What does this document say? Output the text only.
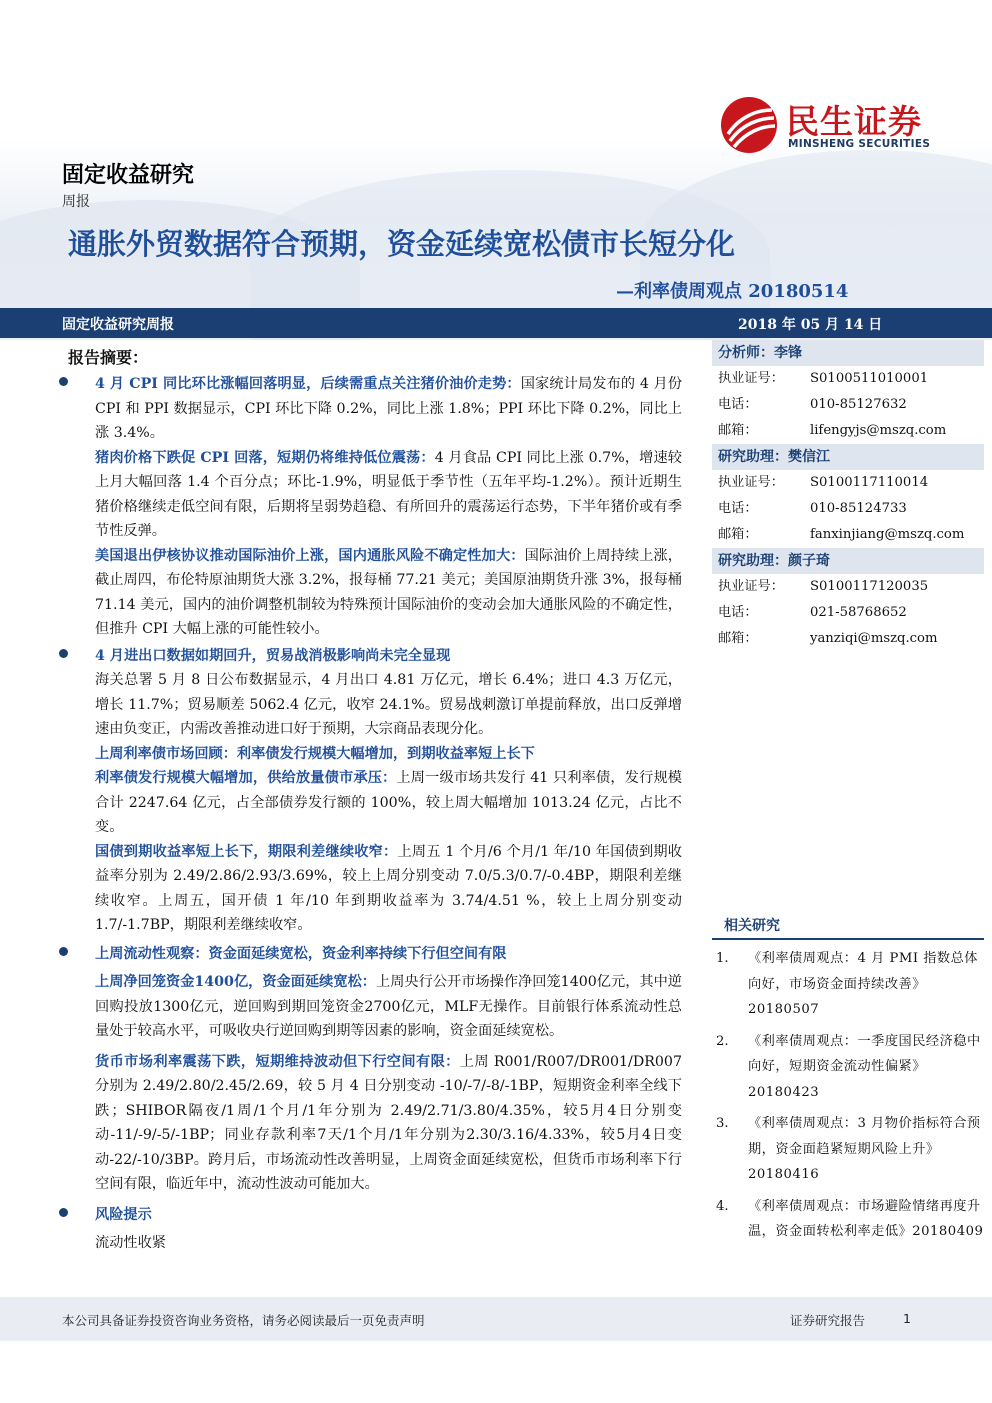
民生证券
MINSHENG SECURITIES
固定收益研究
周报
通胀外贸数据符合预期，资金延续宽松债市长短分化
—利率债周观点 20180514
固定收益研究周报	2018 年 05 月 14 日
报告摘要：

4 月 CPI 同比环比涨幅回落明显，后续需重点关注猪价油价走势：国家统计局发布的 4 月份 CPI 和 PPI 数据显示，CPI 环比下降 0.2%，同比上涨 1.8%；PPI 环比下降 0.2%，同比上涨 3.4%。

猪肉价格下跌促 CPI 回落，短期仍将维持低位震荡：4 月食品 CPI 同比上涨 0.7%，增速较上月大幅回落 1.4 个百分点；环比-1.9%，明显低于季节性（五年平均-1.2%）。预计近期生猪价格继续走低空间有限，后期将呈弱势趋稳、有所回升的震荡运行态势，下半年猪价或有季节性反弹。

美国退出伊核协议推动国际油价上涨，国内通胀风险不确定性加大：国际油价上周持续上涨，截止周四，布伦特原油期货大涨 3.2%，报每桶 77.21 美元；美国原油期货升涨 3%，报每桶 71.14 美元，国内的油价调整机制较为特殊预计国际油价的变动会加大通胀风险的不确定性，但推升 CPI 大幅上涨的可能性较小。

4 月进出口数据如期回升，贸易战消极影响尚未完全显现

海关总署 5 月 8 日公布数据显示，4 月出口 4.81 万亿元，增长 6.4%；进口 4.3 万亿元，增长 11.7%；贸易顺差 5062.4 亿元，收窄 24.1%。贸易战刺激订单提前释放，出口反弹增速由负变正，内需改善推动进口好于预期，大宗商品表现分化。

上周利率债市场回顾：利率债发行规模大幅增加，到期收益率短上长下

利率债发行规模大幅增加，供给放量债市承压：上周一级市场共发行 41 只利率债，发行规模合计 2247.64 亿元，占全部债券发行额的 100%，较上周大幅增加 1013.24 亿元，占比不变。

国债到期收益率短上长下，期限利差继续收窄：上周五 1 个月/6 个月/1 年/10 年国债到期收益率分别为 2.49/2.86/2.93/3.69%，较上上周分别变动 7.0/5.3/0.7/-0.4BP，期限利差继续收窄。上周五，国开债 1 年/10 年到期收益率为 3.74/4.51 %，较上上周分别变动 1.7/-1.7BP，期限利差继续收窄。

上周流动性观察：资金面延续宽松，资金利率持续下行但空间有限

上周净回笼资金1400亿，资金面延续宽松：上周央行公开市场操作净回笼1400亿元，其中逆回购投放1300亿元，逆回购到期回笼资金2700亿元，MLF无操作。目前银行体系流动性总量处于较高水平，可吸收央行逆回购到期等因素的影响，资金面延续宽松。

货币市场利率震荡下跌，短期维持波动但下行空间有限：上周 R001/R007/DR001/DR007 分别为 2.49/2.80/2.45/2.69，较 5 月 4 日分别变动 -10/-7/-8/-1BP，短期资金利率全线下跌；SHIBOR隔夜/1周/1个月/1年分别为 2.49/2.71/3.80/4.35%，较5月4日分别变动-11/-9/-5/-1BP；同业存款利率7天/1个月/1年分别为2.30/3.16/4.33%，较5月4日变动-22/-10/3BP。跨月后，市场流动性改善明显，上周资金面延续宽松，但货币市场利率下行空间有限，临近年中，流动性波动可能加大。

风险提示

流动性收紧

分析师：李锋
执业证号：	S0100511010001
电话：	010-85127632
邮箱：	lifengyjs@mszq.com
研究助理：樊信江
执业证号：	S0100117110014
电话：	010-85124733
邮箱：	fanxinjiang@mszq.com
研究助理：颜子琦
执业证号：	S0100117120035
电话：	021-58768652
邮箱：	yanziqi@mszq.com
相关研究
1.	《利率债周观点：4 月 PMI 指数总体向好，市场资金面持续改善》20180507
2.	《利率债周观点：一季度国民经济稳中向好，短期资金流动性偏紧》20180423
3.	《利率债周观点：3 月物价指标符合预期，资金面趋紧短期风险上升》20180416
4.	《利率债周观点：市场避险情绪再度升温，资金面转松利率走低》20180409
本公司具备证券投资咨询业务资格，请务必阅读最后一页免责声明	证券研究报告	1
